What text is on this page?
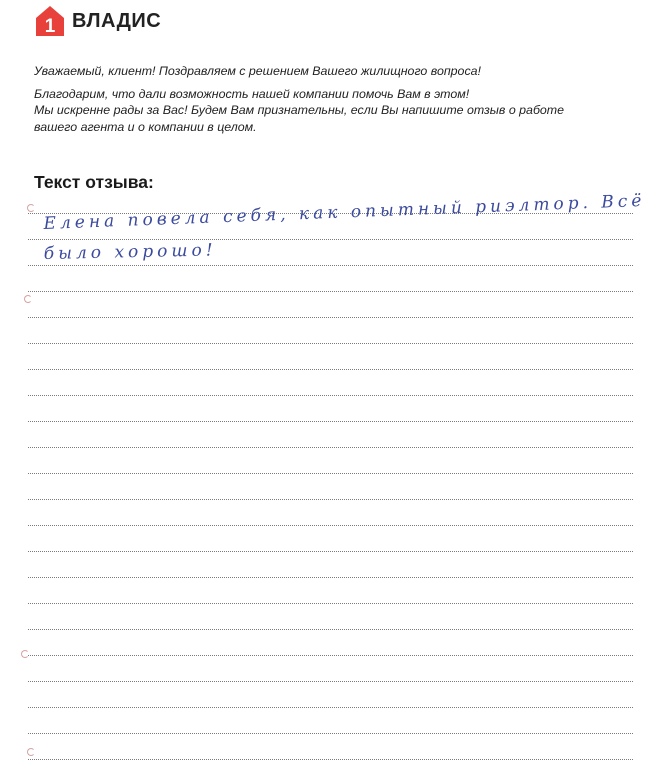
1 ВЛАДИС

Уважаемый, клиент! Поздравляем с решением Вашего жилищного вопроса!

Благодарим, что дали возможность нашей компании помочь Вам в этом!

Мы искренне рады за Вас! Будем Вам признательны, если Вы напишите отзыв о работе

вашего агента и о компании в целом.

Текст отзыва:
Елена повела себя, как опытный риэлтор. Всё
было хорошо!
